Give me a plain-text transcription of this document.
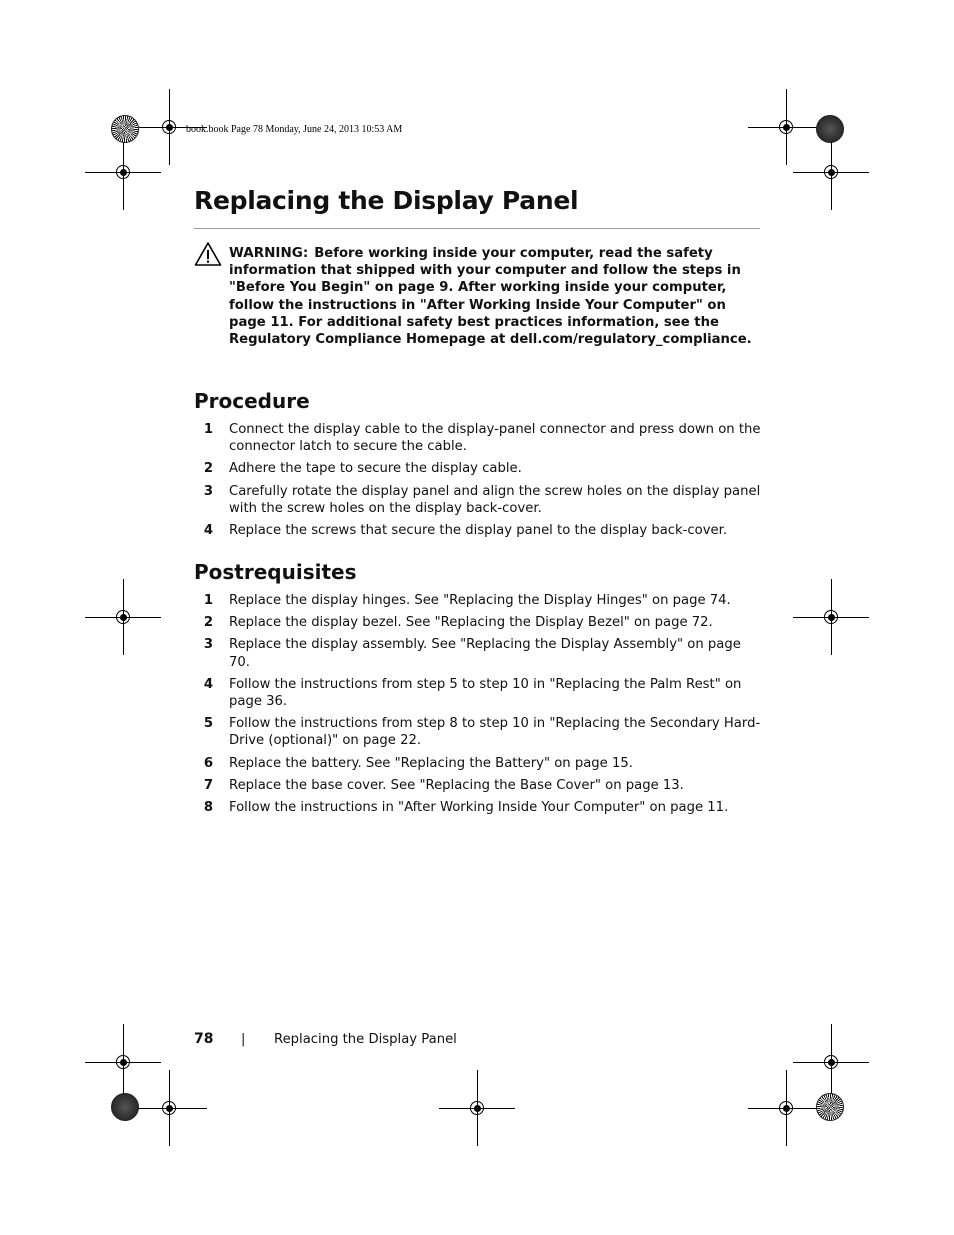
book.book Page 78 Monday, June 24, 2013 10:53 AM
Replacing the Display Panel
WARNING: Before working inside your computer, read the safety information that shipped with your computer and follow the steps in "Before You Begin" on page 9. After working inside your computer, follow the instructions in "After Working Inside Your Computer" on page 11. For additional safety best practices information, see the Regulatory Compliance Homepage at dell.com/regulatory_compliance.
Procedure
1 Connect the display cable to the display-panel connector and press down on the connector latch to secure the cable.
2 Adhere the tape to secure the display cable.
3 Carefully rotate the display panel and align the screw holes on the display panel with the screw holes on the display back-cover.
4 Replace the screws that secure the display panel to the display back-cover.
Postrequisites
1 Replace the display hinges. See "Replacing the Display Hinges" on page 74.
2 Replace the display bezel. See "Replacing the Display Bezel" on page 72.
3 Replace the display assembly. See "Replacing the Display Assembly" on page 70.
4 Follow the instructions from step 5 to step 10 in "Replacing the Palm Rest" on page 36.
5 Follow the instructions from step 8 to step 10 in "Replacing the Secondary Hard-Drive (optional)" on page 22.
6 Replace the battery. See "Replacing the Battery" on page 15.
7 Replace the base cover. See "Replacing the Base Cover" on page 13.
8 Follow the instructions in "After Working Inside Your Computer" on page 11.
78 | Replacing the Display Panel
